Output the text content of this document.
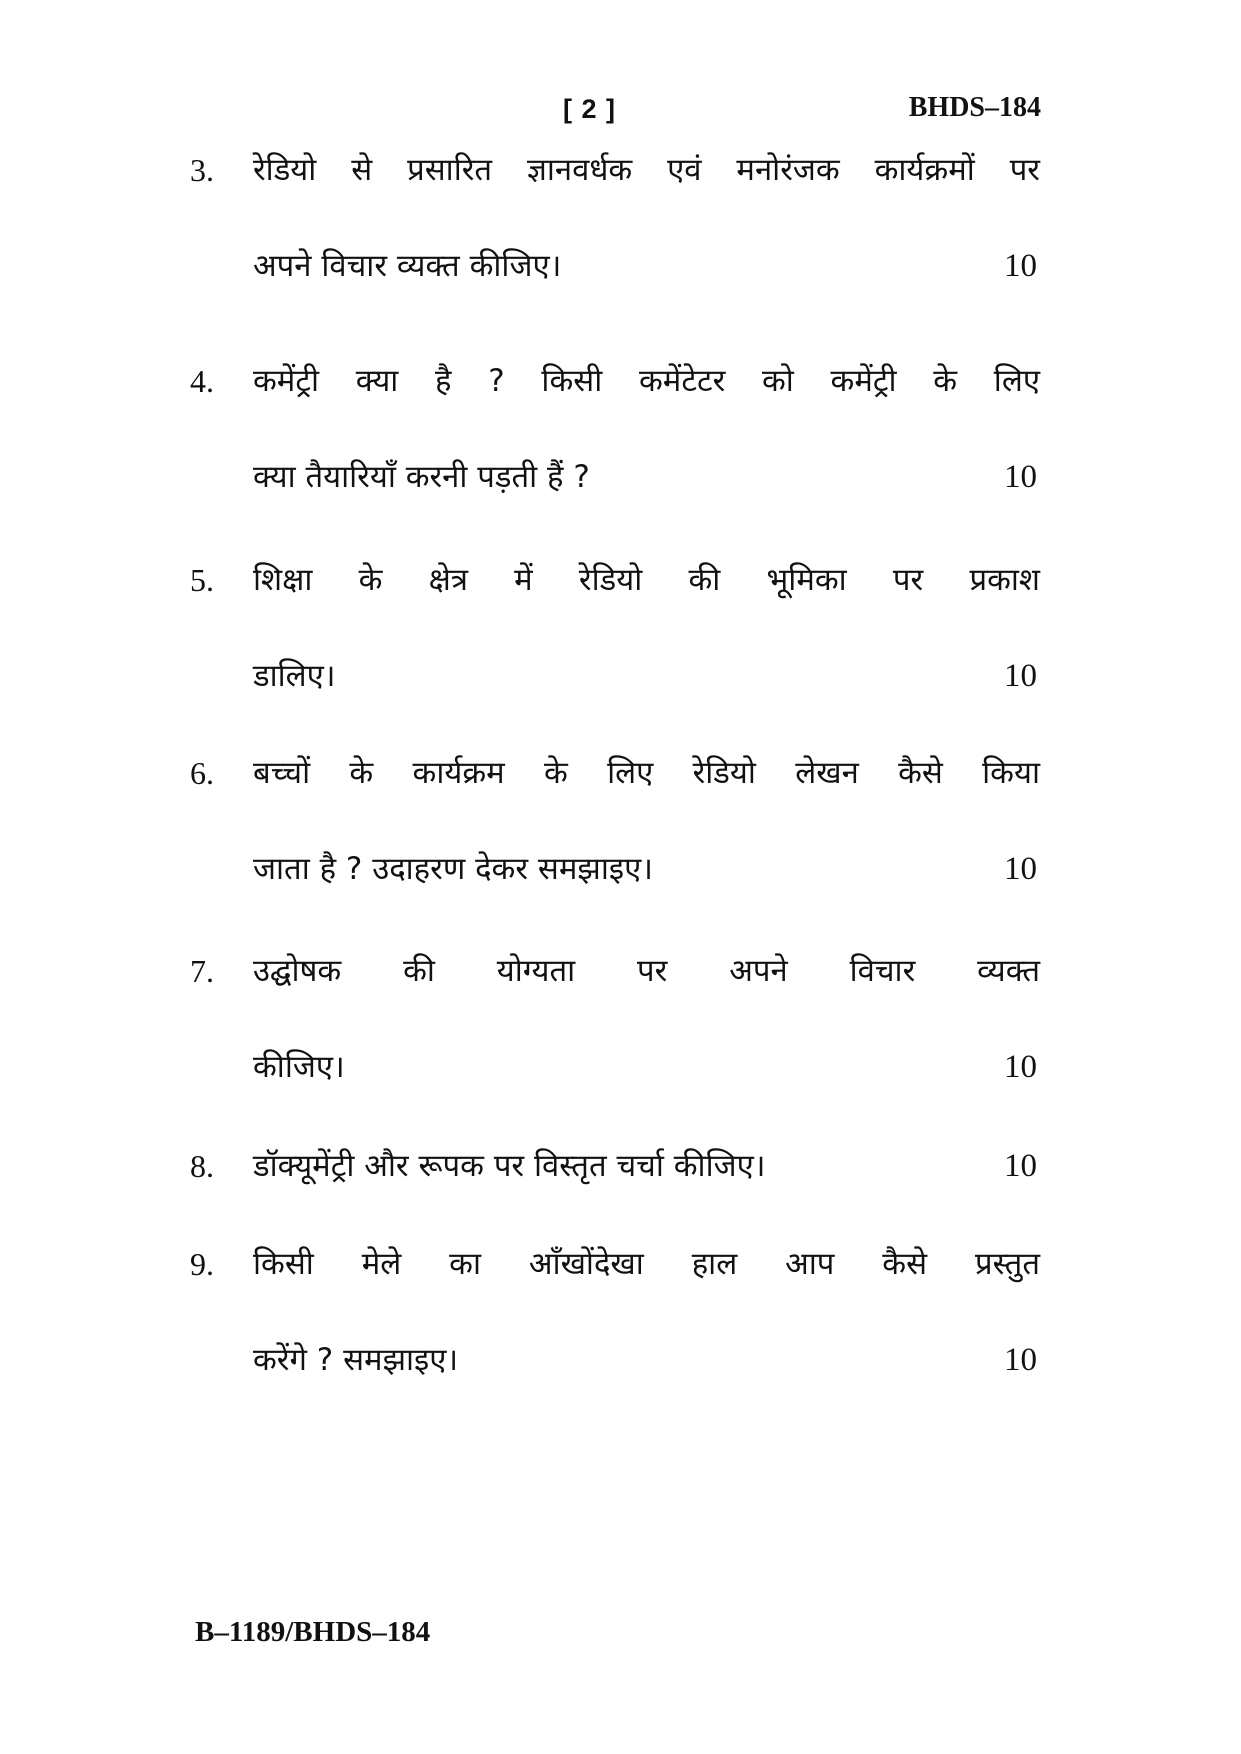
[ 2 ]	BHDS–184
3. रेडियो से प्रसारित ज्ञानवर्धक एवं मनोरंजक कार्यक्रमों पर
अपने विचार व्यक्त कीजिए।	10
4. कमेंट्री क्या है ? किसी कमेंटेटर को कमेंट्री के लिए
क्या तैयारियाँ करनी पड़ती हैं ?	10
5. शिक्षा के क्षेत्र में रेडियो की भूमिका पर प्रकाश
डालिए।	10
6. बच्चों के कार्यक्रम के लिए रेडियो लेखन कैसे किया
जाता है ? उदाहरण देकर समझाइए।	10
7. उद्घोषक की योग्यता पर अपने विचार व्यक्त
कीजिए।	10
8. डॉक्यूमेंट्री और रूपक पर विस्तृत चर्चा कीजिए।	10
9. किसी मेले का आँखोंदेखा हाल आप कैसे प्रस्तुत
करेंगे ? समझाइए।	10
B–1189/BHDS–184
